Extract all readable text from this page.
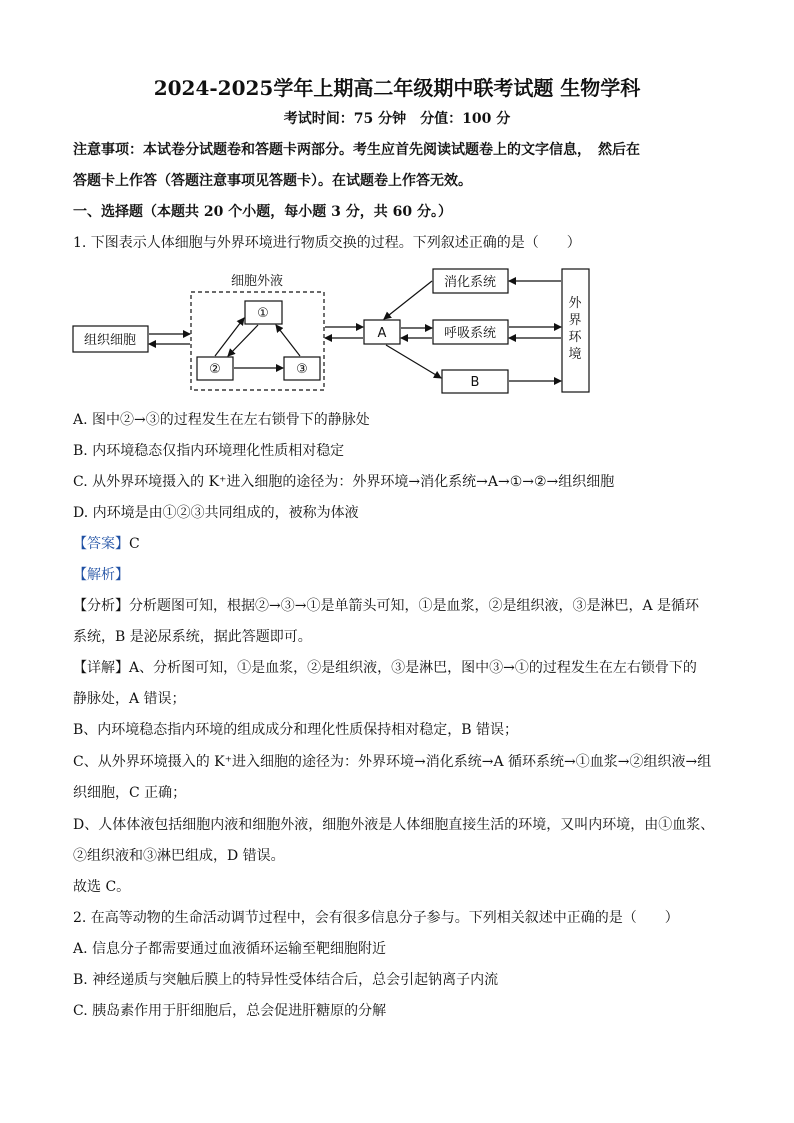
2024-2025学年上期高二年级期中联考试题 生物学科
考试时间：75 分钟　分值：100 分
注意事项：本试卷分试题卷和答题卡两部分。考生应首先阅读试题卷上的文字信息，　然后在
答题卡上作答（答题注意事项见答题卡）。在试题卷上作答无效。
一、选择题（本题共 20 个小题，每小题 3 分，共 60 分。）
1. 下图表示人体细胞与外界环境进行物质交换的过程。下列叙述正确的是（　　）
细胞外液
组织细胞
①
②	③
A
消化系统
呼吸系统
B
外
界
环
境
A. 图中②→③的过程发生在左右锁骨下的静脉处
B. 内环境稳态仅指内环境理化性质相对稳定
C. 从外界环境摄入的 K⁺进入细胞的途径为：外界环境→消化系统→A→①→②→组织细胞
D. 内环境是由①②③共同组成的，被称为体液
【答案】C
【解析】
【分析】分析题图可知，根据②→③→①是单箭头可知，①是血浆，②是组织液，③是淋巴，A 是循环
系统，B 是泌尿系统，据此答题即可。
【详解】A、分析图可知，①是血浆，②是组织液，③是淋巴，图中③→①的过程发生在左右锁骨下的
静脉处，A 错误；
B、内环境稳态指内环境的组成成分和理化性质保持相对稳定，B 错误；
C、从外界环境摄入的 K⁺进入细胞的途径为：外界环境→消化系统→A 循环系统→①血浆→②组织液→组
织细胞，C 正确；
D、人体体液包括细胞内液和细胞外液，细胞外液是人体细胞直接生活的环境，又叫内环境，由①血浆、
②组织液和③淋巴组成，D 错误。
故选 C。
2. 在高等动物的生命活动调节过程中，会有很多信息分子参与。下列相关叙述中正确的是（　　）
A. 信息分子都需要通过血液循环运输至靶细胞附近
B. 神经递质与突触后膜上的特异性受体结合后，总会引起钠离子内流
C. 胰岛素作用于肝细胞后，总会促进肝糖原的分解
